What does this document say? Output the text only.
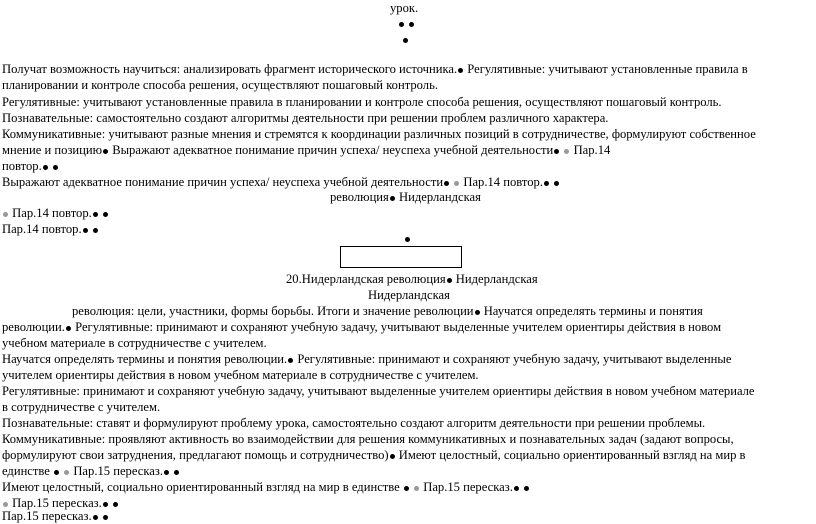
урок.
Получат возможность научиться: анализировать фрагмент исторического источника. Регулятивные: учитывают установленные правила в
планировании и контроле способа решения, осуществляют пошаговый контроль.
Регулятивные: учитывают установленные правила в планировании и контроле способа решения, осуществляют пошаговый контроль.
Познавательные: самостоятельно создают алгоритмы деятельности при решении проблем различного характера.
Коммуникативные: учитывают разные мнения и стремятся к координации различных позиций в сотрудничестве, формулируют собственное
мнение и позицию Выражают адекватное понимание причин успеха/ неуспеха учебной деятельности  Пар.14
повтор.
Выражают адекватное понимание причин успеха/ неуспеха учебной деятельности  Пар.14 повтор.
революция Нидерландская
Пар.14 повтор.
Пар.14 повтор.
20.Нидерландская революция Нидерландская
Нидерландская
революция: цели, участники, формы борьбы. Итоги и значение революции Научатся определять термины и понятия
революции. Регулятивные: принимают и сохраняют учебную задачу, учитывают выделенные учителем ориентиры действия в новом
учебном материале в сотрудничестве с учителем.
Научатся определять термины и понятия революции. Регулятивные: принимают и сохраняют учебную задачу, учитывают выделенные
учителем ориентиры действия в новом учебном материале в сотрудничестве с учителем.
Регулятивные: принимают и сохраняют учебную задачу, учитывают выделенные учителем ориентиры действия в новом учебном материале
в сотрудничестве с учителем.
Познавательные: ставят и формулируют проблему урока, самостоятельно создают алгоритм деятельности при решении проблемы.
Коммуникативные: проявляют активность во взаимодействии для решения коммуникативных и познавательных задач (задают вопросы,
формулируют свои затруднения, предлагают помощь и сотрудничество) Имеют целостный, социально ориентированный взгляд на мир в
единстве   Пар.15 пересказ.
Имеют целостный, социально ориентированный взгляд на мир в единстве   Пар.15 пересказ.
Пар.15 пересказ.
Пар.15 пересказ.
